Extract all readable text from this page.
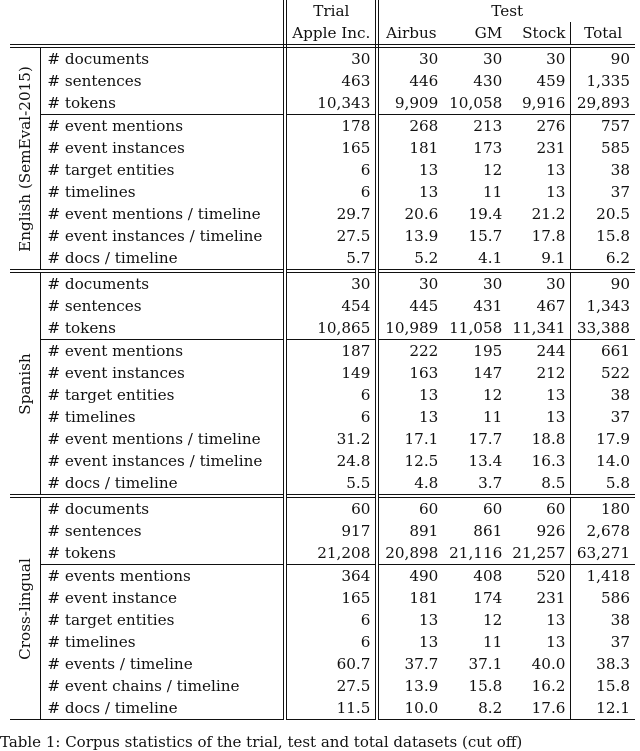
		Trial	Test			
		Apple Inc.	Airbus	GM	Stock	Total

English (SemEval-2015)	# documents	30	30	30	30	90
	# sentences	463	446	430	459	1,335
	# tokens	10,343	9,909	10,058	9,916	29,893
	# event mentions	178	268	213	276	757
	# event instances	165	181	173	231	585
	# target entities	6	13	12	13	38
	# timelines	6	13	11	13	37
	# event mentions / timeline	29.7	20.6	19.4	21.2	20.5
	# event instances / timeline	27.5	13.9	15.7	17.8	15.8
	# docs / timeline	5.7	5.2	4.1	9.1	6.2

Spanish	# documents	30	30	30	30	90
	# sentences	454	445	431	467	1,343
	# tokens	10,865	10,989	11,058	11,341	33,388
	# event mentions	187	222	195	244	661
	# event instances	149	163	147	212	522
	# target entities	6	13	12	13	38
	# timelines	6	13	11	13	37
	# event mentions / timeline	31.2	17.1	17.7	18.8	17.9
	# event instances / timeline	24.8	12.5	13.4	16.3	14.0
	# docs / timeline	5.5	4.8	3.7	8.5	5.8

Cross-lingual	# documents	60	60	60	60	180
	# sentences	917	891	861	926	2,678
	# tokens	21,208	20,898	21,116	21,257	63,271
	# events mentions	364	490	408	520	1,418
	# event instance	165	181	174	231	586
	# target entities	6	13	12	13	38
	# timelines	6	13	11	13	37
	# events / timeline	60.7	37.7	37.1	40.0	38.3
	# event chains / timeline	27.5	13.9	15.8	16.2	15.8
	# docs / timeline	11.5	10.0	8.2	17.6	12.1
Table 1: Corpus statistics of the trial, test and total datasets (cut off)
